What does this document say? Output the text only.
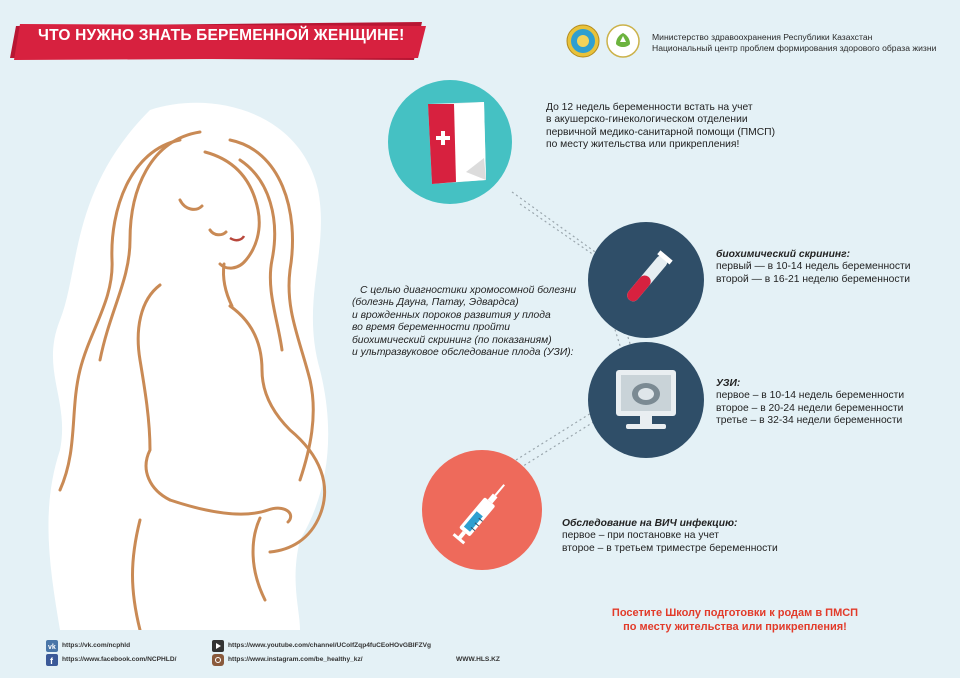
ЧТО НУЖНО ЗНАТЬ БЕРЕМЕННОЙ ЖЕНЩИНЕ!	Министерство здравоохранения Республики Казахстан
Национальный центр проблем формирования здорового образа жизни
С целью диагностики хромосомной болезни
(болезнь Дауна, Патау, Эдвардса)
и врожденных пороков развития у плода
во время беременности пройти
биохимический скрининг (по показаниям)
и ультразвуковое обследование плода (УЗИ):
До 12 недель беременности встать на учет
в акушерско-гинекологическом отделении
первичной медико-санитарной помощи (ПМСП)
по месту жительства или прикрепления!
биохимический скрининг:
первый — в 10-14 недель беременности
второй — в 16-21 неделю беременности
УЗИ:
первое – в 10-14 недель беременности
второе – в 20-24 недели беременности
третье – в 32-34 недели беременности
Обследование на ВИЧ инфекцию:
первое – при постановке на учет
второе – в третьем триместре беременности
Посетите Школу подготовки к родам в ПМСП
по месту жительства или прикрепления!
vk https://vk.com/ncphld
f https://www.facebook.com/NCPHLD/
https://www.youtube.com/channel/UCoIfZqp4fuCEoHOvGBIFZVg
https://www.instagram.com/be_healthy_kz/	WWW.HLS.KZ
